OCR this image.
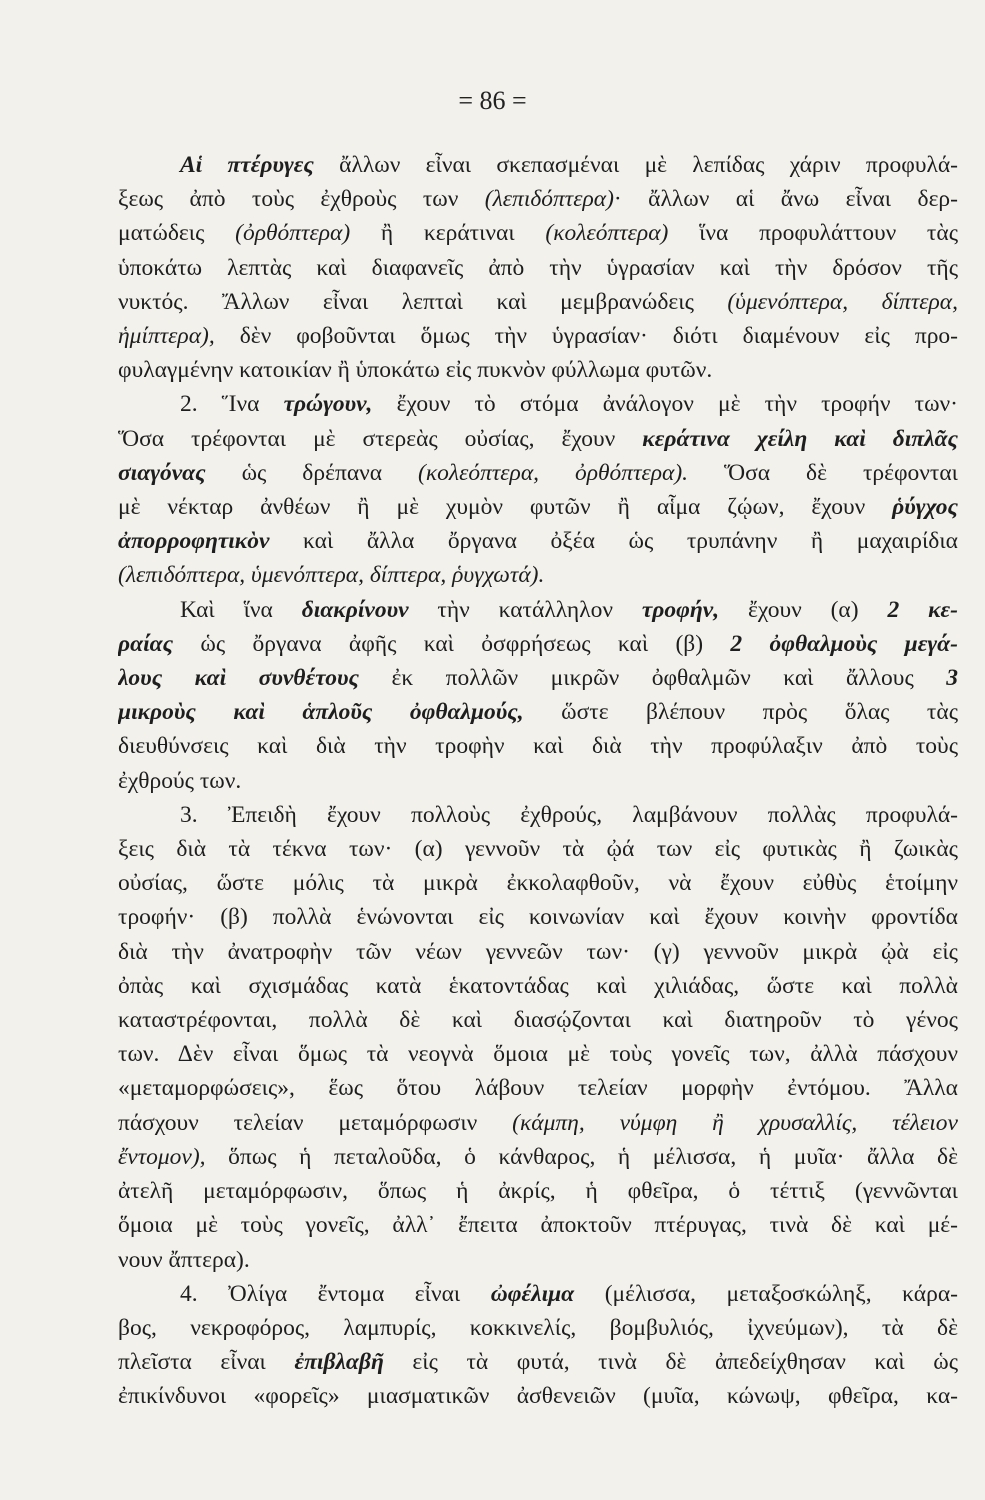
= 86 =
Αἱ πτέρυγες ἄλλων εἶναι σκεπασμέναι μὲ λεπίδας χάριν προφυλά-
ξεως ἀπὸ τοὺς ἐχθροὺς των (λεπιδόπτερα)· ἄλλων αἱ ἄνω εἶναι δερ-
ματώδεις (ὀρθόπτερα) ἢ κεράτιναι (κολεόπτερα) ἵνα προφυλάττουν τὰς
ὑποκάτω λεπτὰς καὶ διαφανεῖς ἀπὸ τὴν ὑγρασίαν καὶ τὴν δρόσον τῆς
νυκτός. Ἄλλων εἶναι λεπταὶ καὶ μεμβρανώδεις (ὑμενόπτερα, δίπτερα,
ἡμίπτερα), δὲν φοβοῦνται ὅμως τὴν ὑγρασίαν· διότι διαμένουν εἰς προ-
φυλαγμένην κατοικίαν ἢ ὑποκάτω εἰς πυκνὸν φύλλωμα φυτῶν.
2. Ἵνα τρώγουν, ἔχουν τὸ στόμα ἀνάλογον μὲ τὴν τροφήν των·
Ὅσα τρέφονται μὲ στερεὰς οὐσίας, ἔχουν κεράτινα χείλη καὶ διπλᾶς
σιαγόνας ὡς δρέπανα (κολεόπτερα, ὀρθόπτερα). Ὅσα δὲ τρέφονται
μὲ νέκταρ ἀνθέων ἢ μὲ χυμὸν φυτῶν ἢ αἷμα ζῴων, ἔχουν ῥύγχος
ἀπορροφητικὸν καὶ ἄλλα ὄργανα ὀξέα ὡς τρυπάνην ἢ μαχαιρίδια
(λεπιδόπτερα, ὑμενόπτερα, δίπτερα, ῥυγχωτά).
Καὶ ἵνα διακρίνουν τὴν κατάλληλον τροφήν, ἔχουν (α) 2 κε-
ραίας ὡς ὄργανα ἀφῆς καὶ ὀσφρήσεως καὶ (β) 2 ὀφθαλμοὺς μεγά-
λους καὶ συνθέτους ἐκ πολλῶν μικρῶν ὀφθαλμῶν καὶ ἄλλους 3
μικροὺς καὶ ἁπλοῦς ὀφθαλμούς, ὥστε βλέπουν πρὸς ὅλας τὰς
διευθύνσεις καὶ διὰ τὴν τροφὴν καὶ διὰ τὴν προφύλαξιν ἀπὸ τοὺς
ἐχθρούς των.
3. Ἐπειδὴ ἔχουν πολλοὺς ἐχθρούς, λαμβάνουν πολλὰς προφυλά-
ξεις διὰ τὰ τέκνα των· (α) γεννοῦν τὰ ᾠά των εἰς φυτικὰς ἢ ζωικὰς
οὐσίας, ὥστε μόλις τὰ μικρὰ ἐκκολαφθοῦν, νὰ ἔχουν εὐθὺς ἑτοίμην
τροφήν· (β) πολλὰ ἑνώνονται εἰς κοινωνίαν καὶ ἔχουν κοινὴν φροντίδα
διὰ τὴν ἀνατροφὴν τῶν νέων γεννεῶν των· (γ) γεννοῦν μικρὰ ᾠὰ εἰς
ὀπὰς καὶ σχισμάδας κατὰ ἑκατοντάδας καὶ χιλιάδας, ὥστε καὶ πολλὰ
καταστρέφονται, πολλὰ δὲ καὶ διασῴζονται καὶ διατηροῦν τὸ γένος
των. Δὲν εἶναι ὅμως τὰ νεογνὰ ὅμοια μὲ τοὺς γονεῖς των, ἀλλὰ πάσχουν
«μεταμορφώσεις», ἕως ὅτου λάβουν τελείαν μορφὴν ἐντόμου. Ἄλλα
πάσχουν τελείαν μεταμόρφωσιν (κάμπη, νύμφη ἢ χρυσαλλίς, τέλειον
ἔντομον), ὅπως ἡ πεταλοῦδα, ὁ κάνθαρος, ἡ μέλισσα, ἡ μυῖα· ἄλλα δὲ
ἀτελῆ μεταμόρφωσιν, ὅπως ἡ ἀκρίς, ἡ φθεῖρα, ὁ τέττιξ (γεννῶνται
ὅμοια μὲ τοὺς γονεῖς, ἀλλ᾽ ἔπειτα ἀποκτοῦν πτέρυγας, τινὰ δὲ καὶ μέ-
νουν ἄπτερα).
4. Ὀλίγα ἔντομα εἶναι ὠφέλιμα (μέλισσα, μεταξοσκώληξ, κάρα-
βος, νεκροφόρος, λαμπυρίς, κοκκινελίς, βομβυλιός, ἰχνεύμων), τὰ δὲ
πλεῖστα εἶναι ἐπιβλαβῆ εἰς τὰ φυτά, τινὰ δὲ ἀπεδείχθησαν καὶ ὡς
ἐπικίνδυνοι «φορεῖς» μιασματικῶν ἀσθενειῶν (μυῖα, κώνωψ, φθεῖρα, κα-
